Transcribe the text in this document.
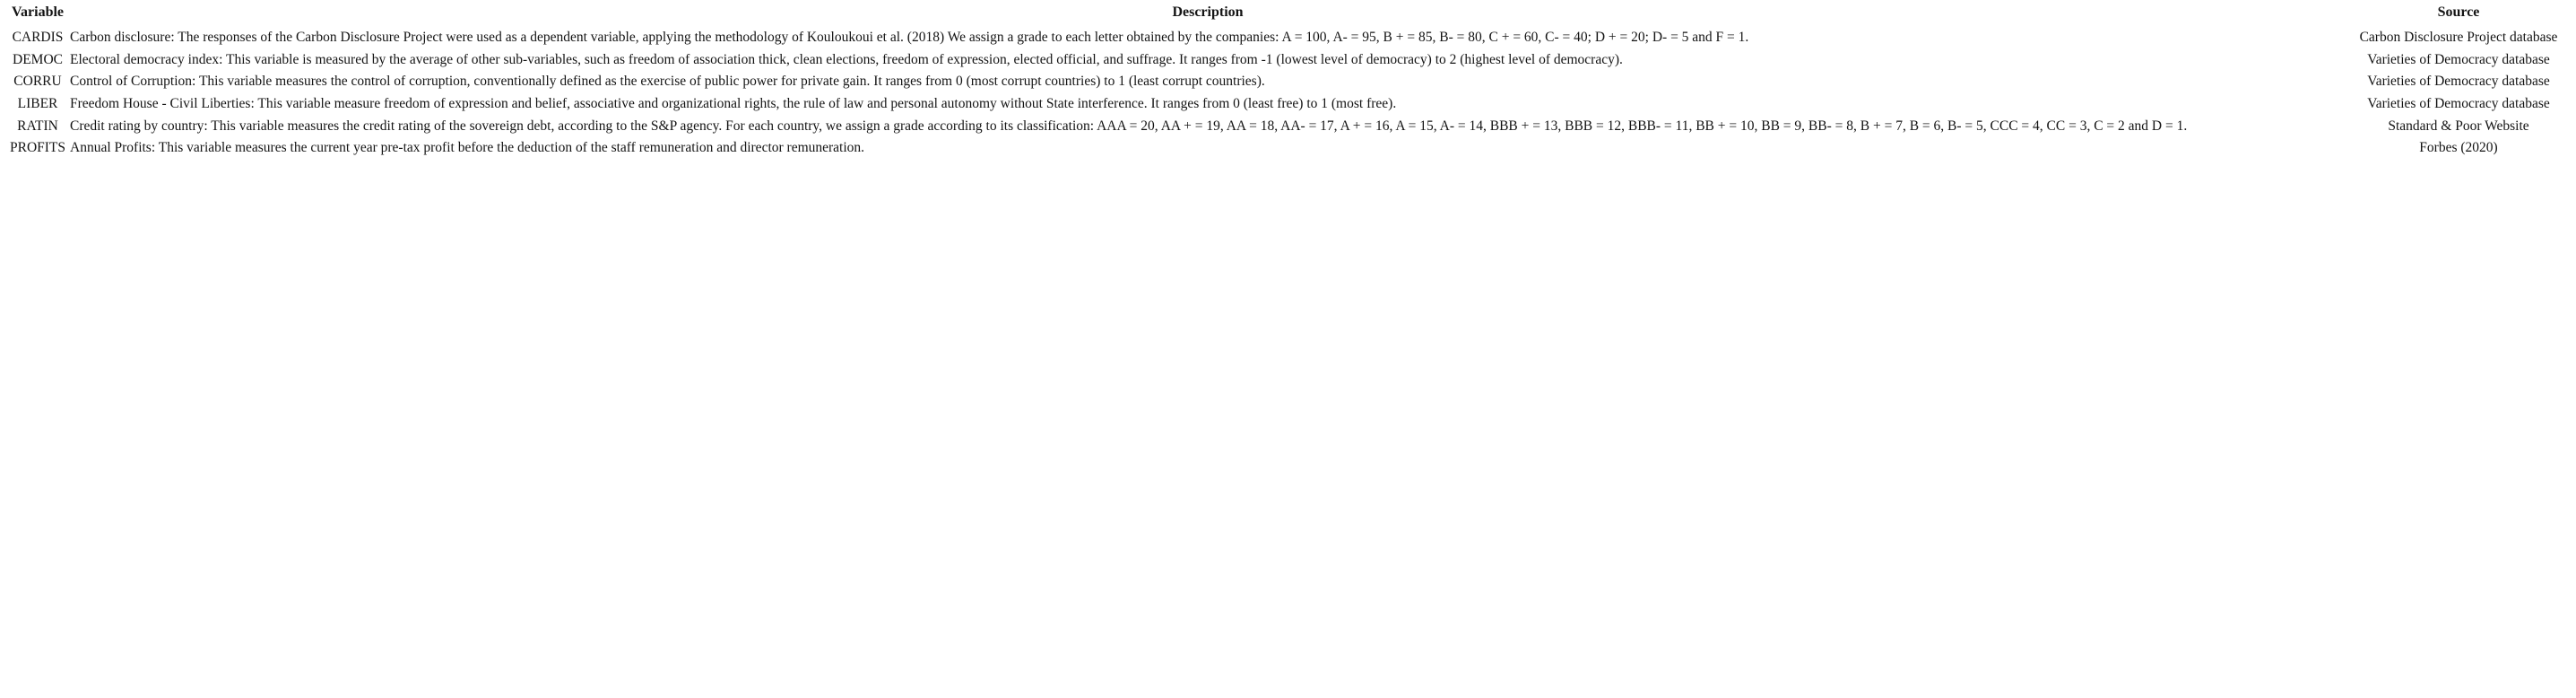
Variable	Description	Source
CARDIS Carbon disclosure: The responses of the Carbon Disclosure Project were used as a dependent variable, applying the methodology of Kouloukoui et al. (2018) We assign a grade to each letter obtained by the companies: A = 100, A- = 95, B + = 85, B- = 80, C + = 60, C- = 40; D + = 20; D- = 5 and F = 1.	Carbon Disclosure Project database
DEMOC Electoral democracy index: This variable is measured by the average of other sub-variables, such as freedom of association thick, clean elections, freedom of expression, elected official, and suffrage. It ranges from -1 (lowest level of democracy) to 2 (highest level of democracy).	Varieties of Democracy database
CORRU Control of Corruption: This variable measures the control of corruption, conventionally defined as the exercise of public power for private gain. It ranges from 0 (most corrupt countries) to 1 (least corrupt countries).	Varieties of Democracy database
LIBER Freedom House - Civil Liberties: This variable measure freedom of expression and belief, associative and organizational rights, the rule of law and personal autonomy without State interference. It ranges from 0 (least free) to 1 (most free).	Varieties of Democracy database
RATIN Credit rating by country: This variable measures the credit rating of the sovereign debt, according to the S&P agency. For each country, we assign a grade according to its classification: AAA = 20, AA + = 19, AA = 18, AA- = 17, A + = 16, A = 15, A- = 14, BBB + = 13, BBB = 12, BBB- = 11, BB + = 10, BB = 9, BB- = 8, B + = 7, B = 6, B- = 5, CCC = 4, CC = 3, C = 2 and D = 1.	Standard & Poor Website
PROFITS Annual Profits: This variable measures the current year pre-tax profit before the deduction of the staff remuneration and director remuneration.	Forbes (2020)
